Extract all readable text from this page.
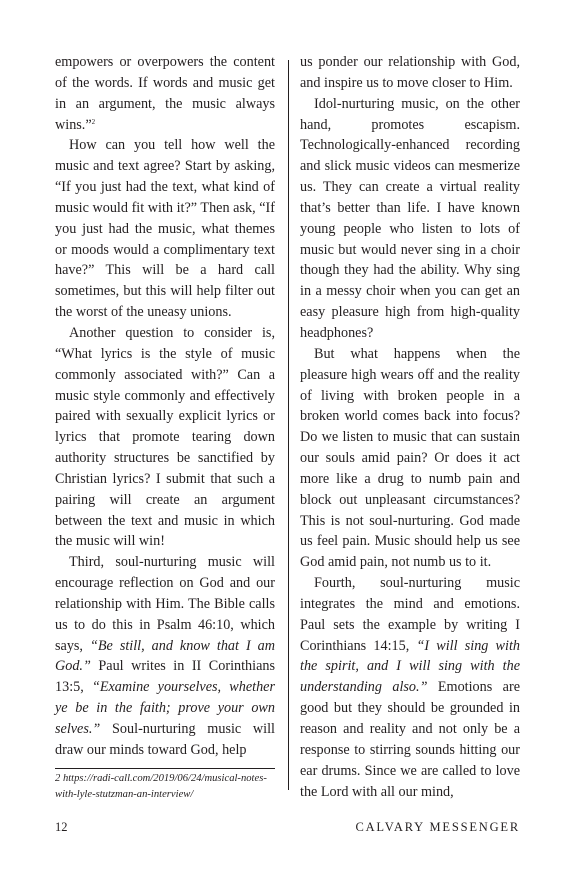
empowers or overpowers the content of the words. If words and music get in an argument, the music always wins.”$^2$

How can you tell how well the music and text agree? Start by asking, “If you just had the text, what kind of music would fit with it?” Then ask, “If you just had the music, what themes or moods would a complimentary text have?” This will be a hard call sometimes, but this will help filter out the worst of the uneasy unions.

Another question to consider is, “What lyrics is the style of music commonly associated with?” Can a music style commonly and effectively paired with sexually explicit lyrics or lyrics that promote tearing down authority structures be sanctified by Christian lyrics? I submit that such a pairing will create an argument between the text and music in which the music will win!

Third, soul-nurturing music will encourage reflection on God and our relationship with Him. The Bible calls us to do this in Psalm 46:10, which says, “Be still, and know that I am God.” Paul writes in II Corinthians 13:5, “Examine yourselves, whether ye be in the faith; prove your own selves.” Soul-nurturing music will draw our minds toward God, help

us ponder our relationship with God, and inspire us to move closer to Him.

Idol-nurturing music, on the other hand, promotes escapism. Technologically-enhanced recording and slick music videos can mesmerize us. They can create a virtual reality that’s better than life. I have known young people who listen to lots of music but would never sing in a choir though they had the ability. Why sing in a messy choir when you can get an easy pleasure high from high-quality headphones?

But what happens when the pleasure high wears off and the reality of living with broken people in a broken world comes back into focus? Do we listen to music that can sustain our souls amid pain? Or does it act more like a drug to numb pain and block out unpleasant circumstances? This is not soul-nurturing. God made us feel pain. Music should help us see God amid pain, not numb us to it.

Fourth, soul-nurturing music integrates the mind and emotions. Paul sets the example by writing I Corinthians 14:15, “I will sing with the spirit, and I will sing with the understanding also.” Emotions are good but they should be grounded in reason and reality and not only be a response to stirring sounds hitting our ear drums. Since we are called to love the Lord with all our mind,

2 https://radi-call.com/2019/06/24/musical-notes-with-lyle-stutzman-an-interview/

12	CALVARY MESSENGER
